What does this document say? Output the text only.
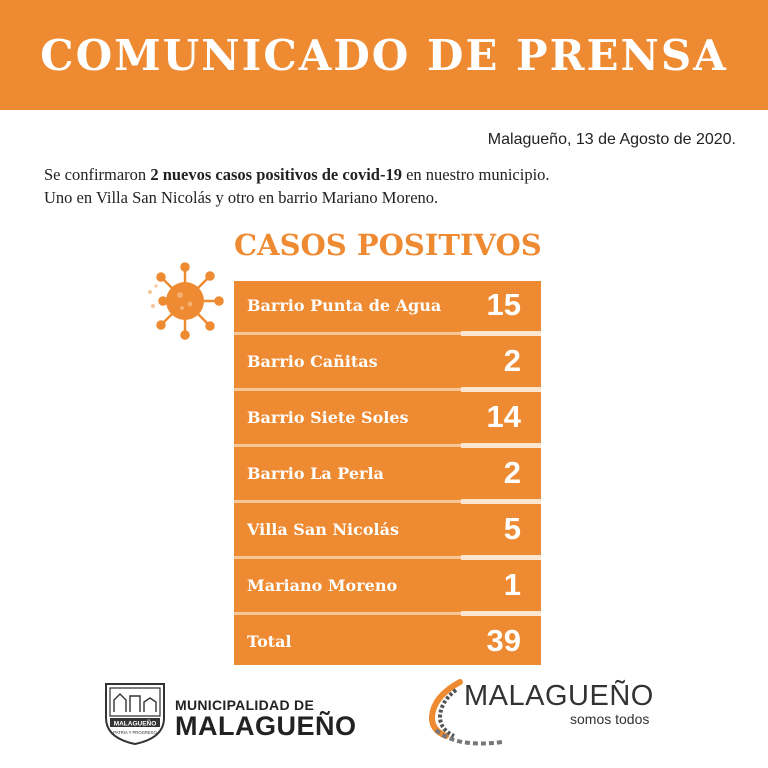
COMUNICADO DE PRENSA
Malagueño, 13 de Agosto de 2020.
Se confirmaron 2 nuevos casos positivos de covid-19 en nuestro municipio.
Uno en Villa San Nicolás y otro en barrio Mariano Moreno.
CASOS POSITIVOS
Barrio Punta de Agua 15
Barrio Cañitas	2
Barrio Siete Soles	14
Barrio La Perla	2
Villa San Nicolás	5
Mariano Moreno	1
Total	39
MALAGUEÑO
PATRIA Y PROGRESO
MUNICIPALIDAD DE
MALAGUEÑO
MALAGUEÑO
somos todos
